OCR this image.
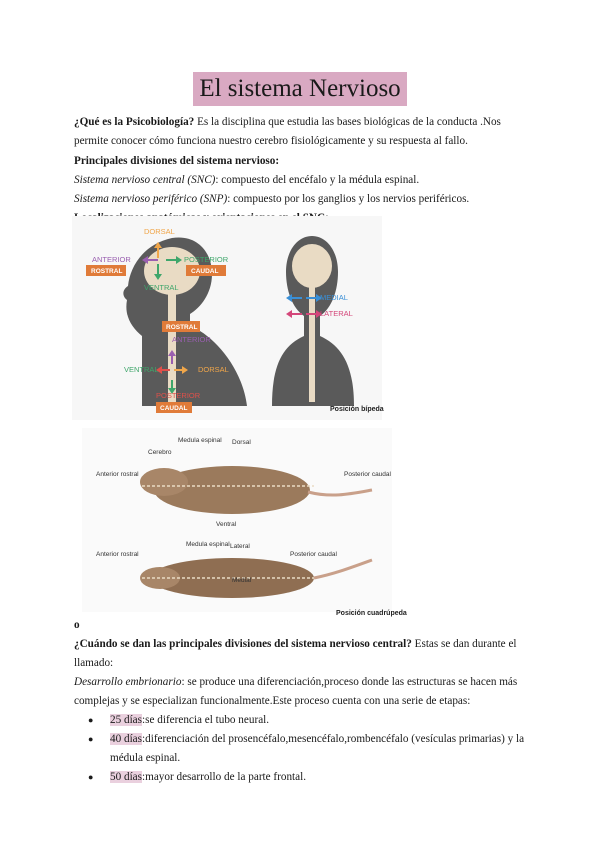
El sistema Nervioso
¿Qué es la Psicobiología? Es la disciplina que estudia las bases biológicas de la conducta .Nos permite conocer cómo funciona nuestro cerebro fisiológicamente y su respuesta al fallo.
Principales divisiones del sistema nervioso:
Sistema nervioso central (SNC): compuesto del encéfalo y la médula espinal.
Sistema nervioso periférico (SNP): compuesto por los ganglios y los nervios periféricos.
DORSAL
ANTERIOR	POSTERIOR
ROSTRAL	CAUDAL
VENTRAL
ROSTRAL
ANTERIOR
VENTRAL	DORSAL
POSTERIOR
CAUDAL
MEDIAL
LATERAL
Posición bípeda
Medula espinal Dorsal
Cerebro
Anterior rostral	Posterior caudal
Ventral
Medula espinal Lateral
Anterior rostral	Posterior caudal
Medial
Posición cuadrúpeda
o
¿Cuándo se dan las principales divisiones del sistema nervioso central? Estas se dan durante el llamado:
Desarrollo embrionario: se produce una diferenciación,proceso donde las estructuras se hacen más complejas y se especializan funcionalmente.Este proceso cuenta con una serie de etapas:
● 25 días:se diferencia el tubo neural.
● 40 días:diferenciación del prosencéfalo,mesencéfalo,rombencéfalo (vesículas primarias) y la médula espinal.
● 50 días:mayor desarrollo de la parte frontal.
